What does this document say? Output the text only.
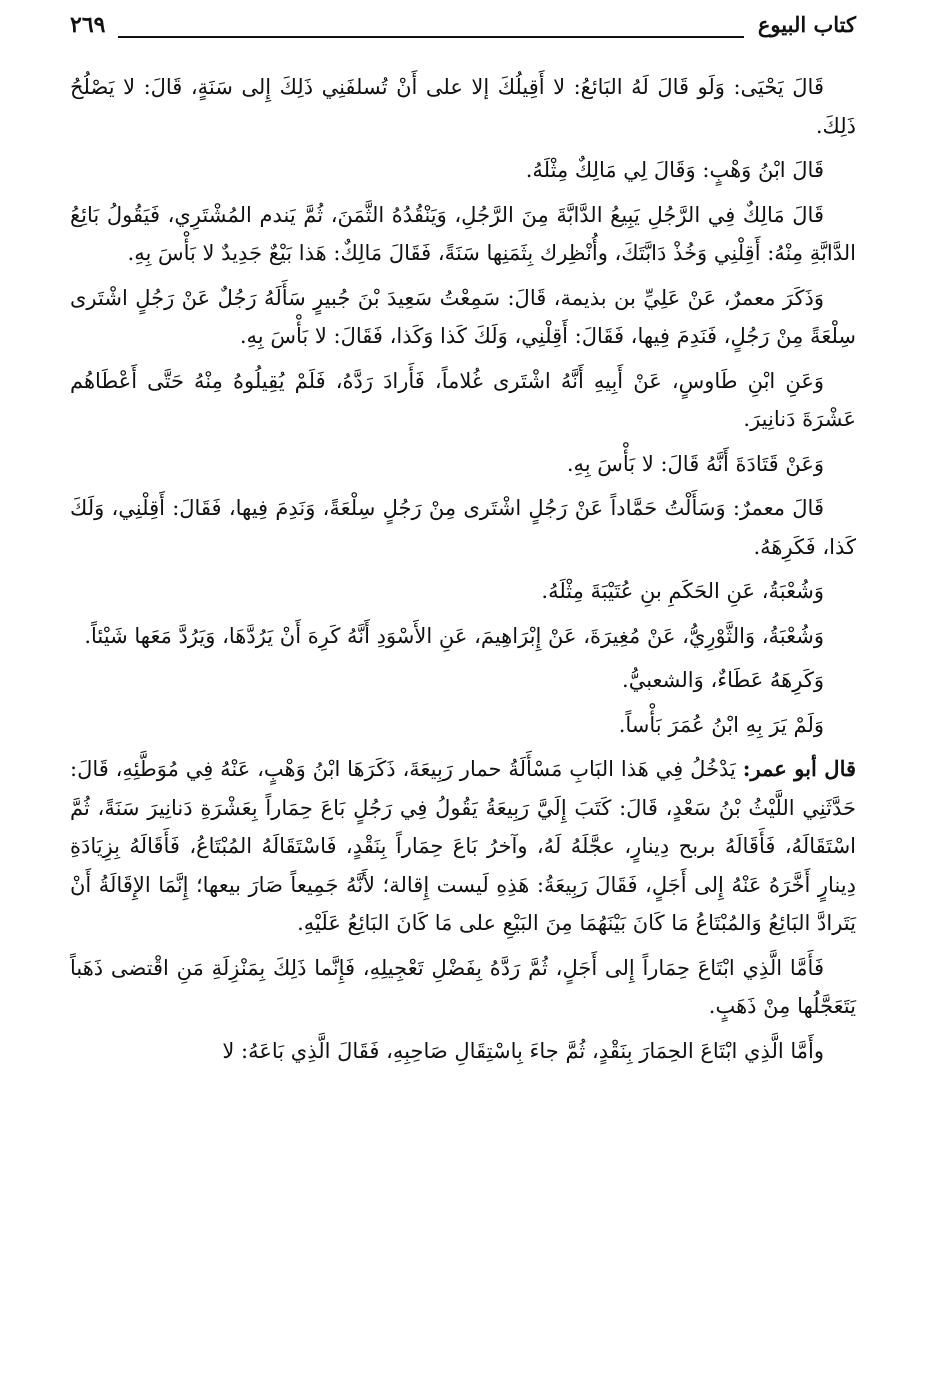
كتاب البيوع
٢٦٩

قَالَ يَحْيَى: وَلَو قَالَ لَهُ البَائعُ: لا أَقِيلُكَ إلا على أَنْ تُسلفَنِي ذَلِكَ إِلى سَنَةٍ، قَالَ: لا يَصْلُحُ ذَلِكَ.

قَالَ ابْنُ وَهْبٍ: وَقَالَ لِي مَالِكٌ مِثْلَهُ.

قَالَ مَالِكٌ فِي الرَّجُلِ يَبِيعُ الدَّابَّةَ مِنَ الرَّجُلِ، وَيَنْقُدُهُ الثَّمَنَ، ثُمَّ يَندم المُشْتَرِي، فَيَقُولُ بَائِعُ الدَّابَّةِ مِنْهُ: أَقِلْنِي وَخُذْ دَابَّتَكَ، وأُنْظِرك بِثَمَنِها سَنَةً، فَقَالَ مَالِكٌ: هَذا بَيْعٌ جَدِيدٌ لا بَأْسَ بِهِ.

وَذَكَرَ معمرٌ، عَنْ عَلِيِّ بن بذيمة، قَالَ: سَمِعْتُ سَعِيدَ بْنَ جُبيرٍ سَأَلَهُ رَجُلٌ عَنْ رَجُلٍ اشْتَرى سِلْعَةً مِنْ رَجُلٍ، فَنَدِمَ فِيها، فَقَالَ: أَقِلْنِي، وَلَكَ كَذا وَكَذا، فَقَالَ: لا بَأْسَ بِهِ.

وَعَنِ ابْنِ طَاوسٍ، عَنْ أَبِيهِ أَنَّهُ اشْتَرى غُلاماً، فَأَرادَ رَدَّهُ، فَلَمْ يُقِيلُوهُ مِنْهُ حَتَّى أَعْطَاهُم عَشْرَةَ دَنانِيرَ.

وَعَنْ قَتَادَةَ أَنَّهُ قَالَ: لا بَأْسَ بِهِ.

قَالَ معمرٌ: وَسَأَلْتُ حَمَّاداً عَنْ رَجُلٍ اشْتَرى مِنْ رَجُلٍ سِلْعَةً، وَنَدِمَ فِيها، فَقَالَ: أَقِلْنِي، وَلَكَ كَذا، فَكَرِهَهُ.

وَشُعْبَةُ، عَنِ الحَكَمِ بنِ عُتَيْبَةَ مِثْلَهُ.

وَشُعْبَةُ، وَالثَّوْرِيُّ، عَنْ مُغِيرَةَ، عَنْ إِبْرَاهِيمَ، عَنِ الأَسْوَدِ أَنَّهُ كَرِهَ أَنْ يَرُدَّهَا، وَيَرُدَّ مَعَها شَيْئاً.

وَكَرِهَهُ عَطَاءٌ، وَالشعبيُّ.

وَلَمْ يَرَ بِهِ ابْنُ عُمَرَ بَأْساً.

قال أبو عمر: يَدْخُلُ فِي هَذا البَابِ مَسْأَلَةُ حمار رَبِيعَةَ، ذَكَرَهَا ابْنُ وَهْبٍ، عَنْهُ فِي مُوَطَّئِهِ، قَالَ: حَدَّثَنِي اللَّيْثُ بْنُ سَعْدٍ، قَالَ: كَتَبَ إِلَيَّ رَبِيعَةُ يَقُولُ فِي رَجُلٍ بَاعَ حِمَاراً بِعَشْرَةِ دَنانِيرَ سَنَةً، ثُمَّ اسْتَقَالَهُ، فَأَقَالَهُ بربح دِينارٍ، عجَّلَهُ لَهُ، وآخرُ بَاعَ حِمَاراً بِنَقْدٍ، فَاسْتَقَالَهُ المُبْتَاعُ، فَأَقَالَهُ بِزِيَادَةِ دِينارٍ أَخَّرَهُ عَنْهُ إِلى أَجَلٍ، فَقَالَ رَبِيعَةُ: هَذِهِ لَيست إِقالة؛ لأَنَّهُ جَمِيعاً صَارَ بيعها؛ إِنَّمَا الإِقَالَةُ أَنْ يَتَرادَّ البَائِعُ وَالمُبْتَاعُ مَا كَانَ بَيْنَهُمَا مِنَ البَيْعِ على مَا كَانَ البَائِعُ عَلَيْهِ.

فَأَمَّا الَّذِي ابْتَاعَ حِمَاراً إِلى أَجَلٍ، ثُمَّ رَدَّهُ بِفَضْلِ تَعْجِيلِهِ، فَإِنَّما ذَلِكَ بِمَنْزِلَةِ مَنِ اقْتضى ذَهَباً يَتَعَجَّلُها مِنْ ذَهَبٍ.

وأَمَّا الَّذِي ابْتَاعَ الحِمَارَ بِنَقْدٍ، ثُمَّ جاءَ بِاسْتِقَالِ صَاحِبِهِ، فَقَالَ الَّذِي بَاعَهُ: لا
